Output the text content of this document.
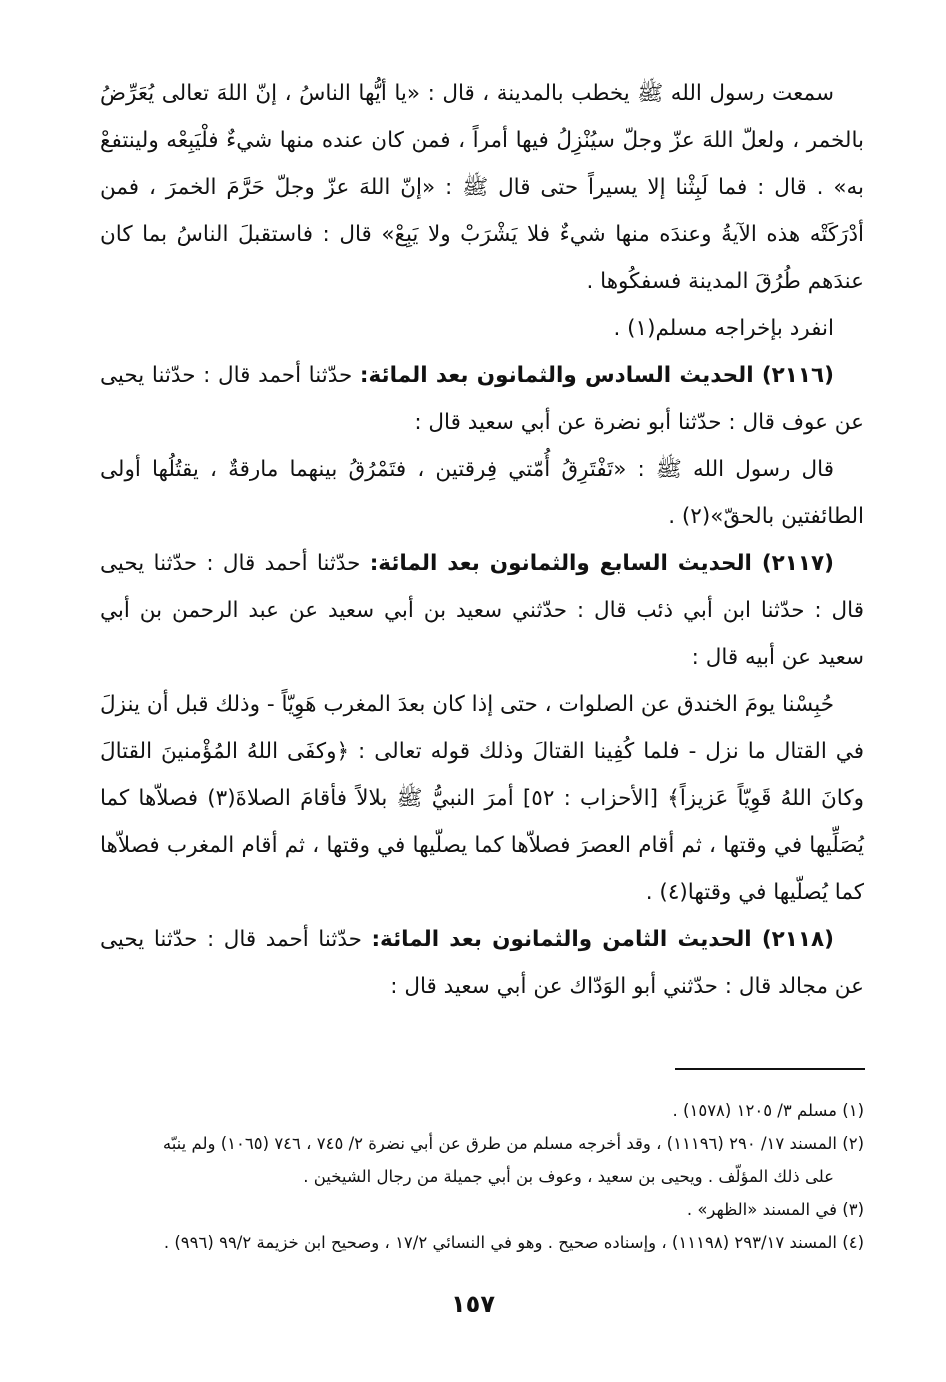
سمعت رسول الله ﷺ يخطب بالمدينة ، قال : «يا أيُّها الناسُ ، إنّ اللهَ تعالى يُعَرِّضُ بالخمر ، ولعلّ اللهَ عزّ وجلّ سيُنْزِلُ فيها أمراً ، فمن كان عنده منها شيءٌ فلْيَبِعْه ولينتفعْ به» . قال : فما لَبِثْنا إلا يسيراً حتى قال ﷺ : «إنّ اللهَ عزّ وجلّ حَرَّمَ الخمرَ ، فمن أدْرَكَتْه هذه الآيةُ وعندَه منها شيءٌ فلا يَشْرَبْ ولا يَبِعْ» قال : فاستقبلَ الناسُ بما كان عندَهم طُرُقَ المدينة فسفكُوها .

انفرد بإخراجه مسلم(١) .

(٢١١٦) الحديث السادس والثمانون بعد المائة: حدّثنا أحمد قال : حدّثنا يحيى عن عوف قال : حدّثنا أبو نضرة عن أبي سعيد قال :

قال رسول الله ﷺ : «تَفْتَرِقُ أُمّتي فِرقتين ، فتَمْرُقُ بينهما مارقةٌ ، يقتُلُها أولى الطائفتين بالحقّ»(٢) .

(٢١١٧) الحديث السابع والثمانون بعد المائة: حدّثنا أحمد قال : حدّثنا يحيى قال : حدّثنا ابن أبي ذئب قال : حدّثني سعيد بن أبي سعيد عن عبد الرحمن بن أبي سعيد عن أبيه قال :

حُبِسْنا يومَ الخندق عن الصلوات ، حتى إذا كان بعدَ المغرب هَوِيّاً - وذلك قبل أن ينزلَ في القتال ما نزل - فلما كُفِينا القتالَ وذلك قوله تعالى : ﴿وكفَى اللهُ المُؤْمنينَ القتالَ وكانَ اللهُ قَوِيّاً عَزيزاً﴾ [الأحزاب : ٥٢] أمرَ النبيُّ ﷺ بلالاً فأقامَ الصلاةَ(٣) فصلاّها كما يُصَلِّيها في وقتها ، ثم أقام العصرَ فصلاّها كما يصلّيها في وقتها ، ثم أقام المغرب فصلاّها كما يُصلّيها في وقتها(٤) .

(٢١١٨) الحديث الثامن والثمانون بعد المائة: حدّثنا أحمد قال : حدّثنا يحيى عن مجالد قال : حدّثني أبو الوَدّاك عن أبي سعيد قال :

(١) مسلم ٣/ ١٢٠٥ (١٥٧٨) .

(٢) المسند ١٧/ ٢٩٠ (١١١٩٦) ، وقد أخرجه مسلم من طرق عن أبي نضرة ٢/ ٧٤٥ ، ٧٤٦ (١٠٦٥) ولم ينبّه

على ذلك المؤلّف . ويحيى بن سعيد ، وعوف بن أبي جميلة من رجال الشيخين .

(٣) في المسند «الظهر» .

(٤) المسند ٢٩٣/١٧ (١١١٩٨) ، وإسناده صحيح . وهو في النسائي ١٧/٢ ، وصحيح ابن خزيمة ٩٩/٢ (٩٩٦) .

١٥٧
